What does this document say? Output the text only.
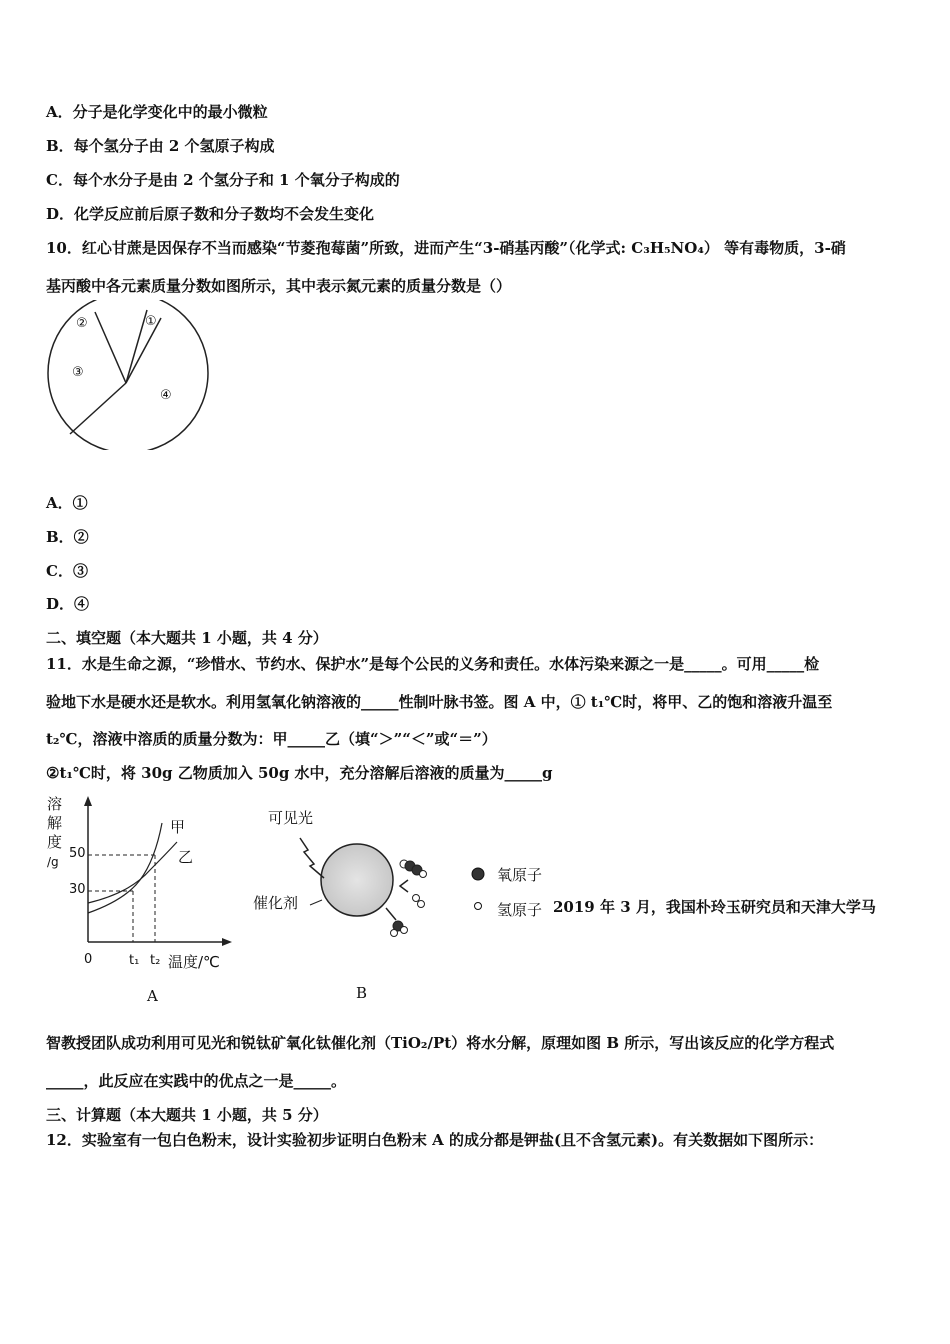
A．分子是化学变化中的最小微粒
B．每个氢分子由 2 个氢原子构成
C．每个水分子是由 2 个氢分子和 1 个氧分子构成的
D．化学反应前后原子数和分子数均不会发生变化
10．红心甘蔗是因保存不当而感染“节菱孢莓菌”所致，进而产生“3-硝基丙酸”（化学式: C₃H₅NO₄） 等有毒物质，3-硝
基丙酸中各元素质量分数如图所示，其中表示氮元素的质量分数是（）
②	①
③
④
A．①
B．②
C．③
D．④
二、填空题（本大题共 1 小题，共 4 分）
11．水是生命之源，“珍惜水、节约水、保护水”是每个公民的义务和责任。水体污染来源之一是_____。可用_____检
验地下水是硬水还是软水。利用氢氧化钠溶液的_____性制叶脉书签。图 A 中，① t₁℃时，将甲、乙的饱和溶液升温至
t₂℃，溶液中溶质的质量分数为：甲_____乙（填“＞”“＜”或“＝”）
②t₁℃时，将 30g 乙物质加入 50g 水中，充分溶解后溶液的质量为_____g
溶
解
度
/g
50
30
0	t₁ t₂ 温度/℃
甲
乙
A
可见光
催化剂
氧原子
氢原子 2019 年 3 月，我国朴玲玉研究员和天津大学马
B
智教授团队成功利用可见光和锐钛矿氧化钛催化剂（TiO₂/Pt）将水分解，原理如图 B 所示，写出该反应的化学方程式
_____，此反应在实践中的优点之一是_____。
三、计算题（本大题共 1 小题，共 5 分）
12．实验室有一包白色粉末，设计实验初步证明白色粉末 A 的成分都是钾盐(且不含氢元素)。有关数据如下图所示：
